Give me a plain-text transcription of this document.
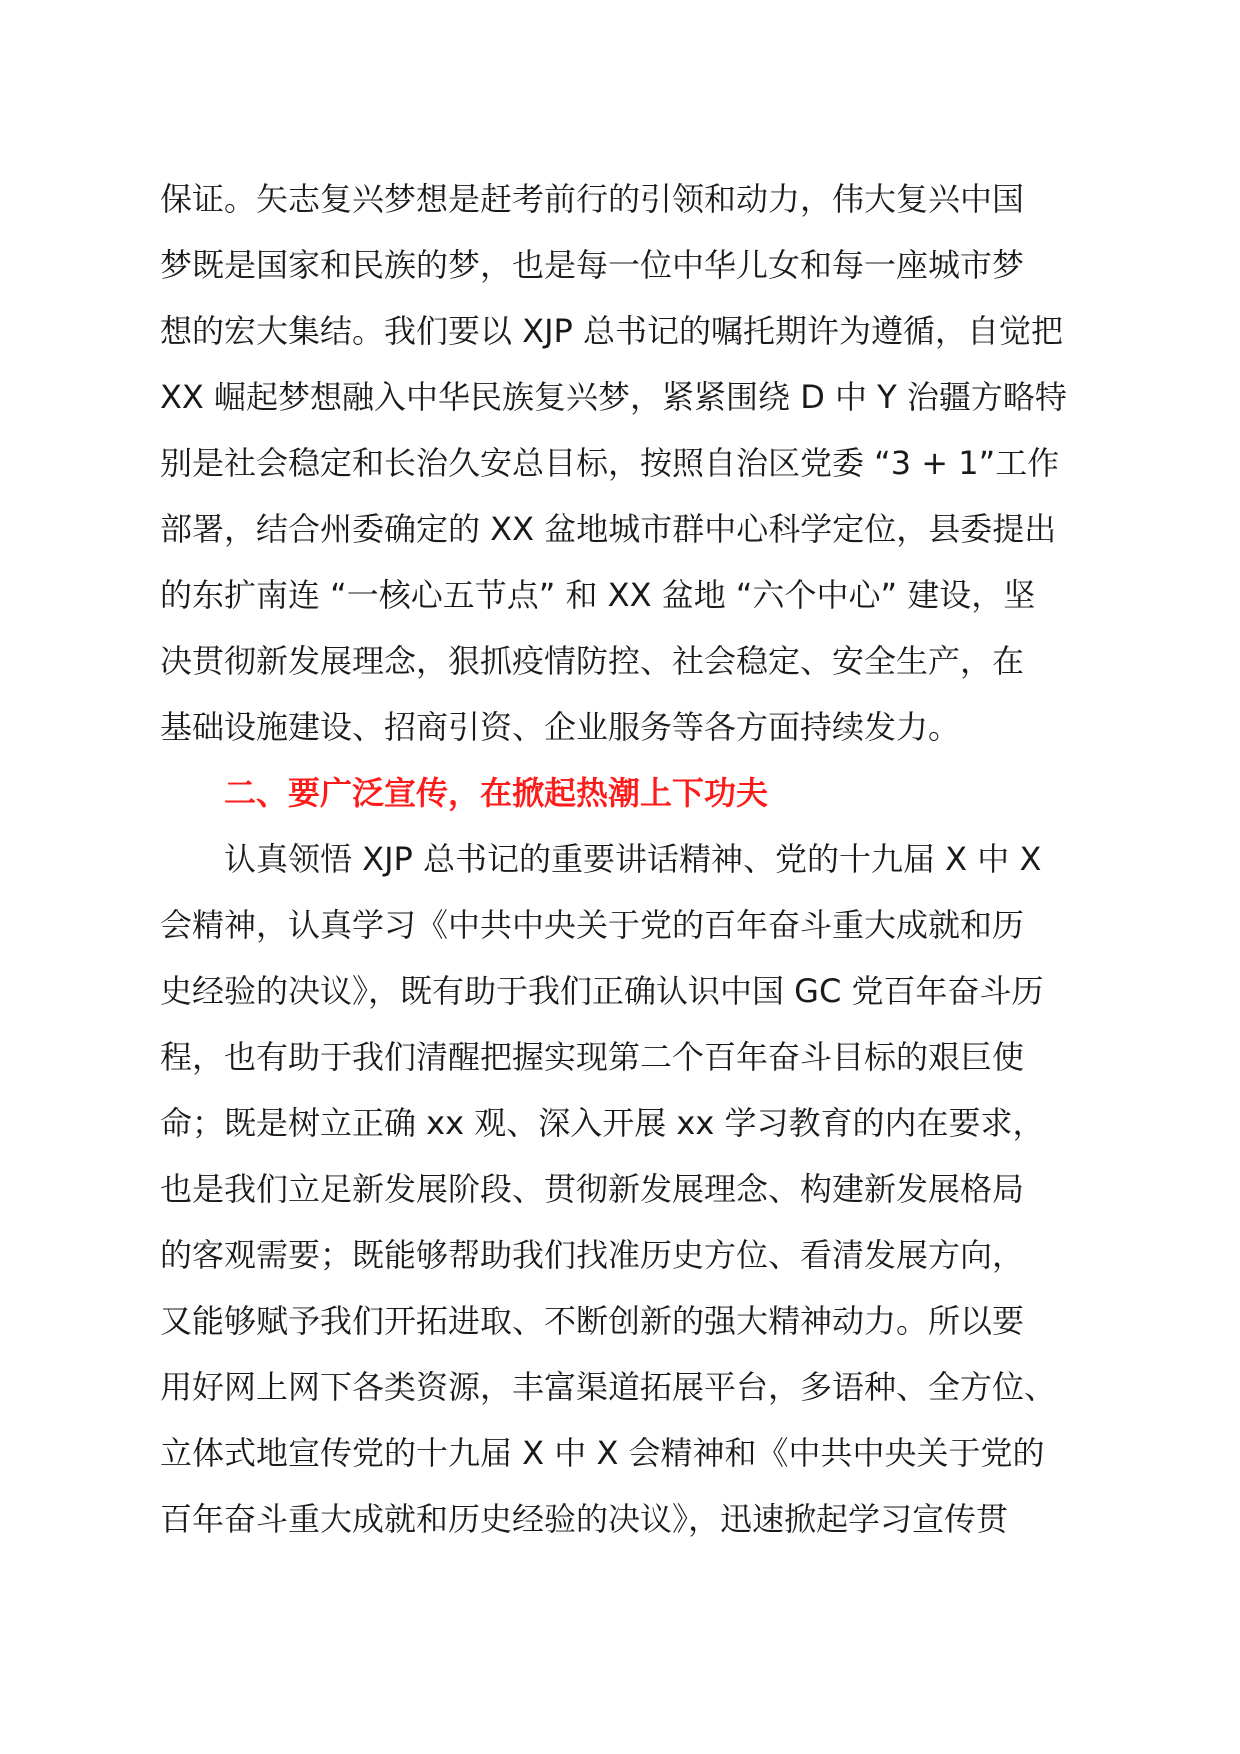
保证。矢志复兴梦想是赶考前行的引领和动力，伟大复兴中国
梦既是国家和民族的梦，也是每一位中华儿女和每一座城市梦
想的宏大集结。我们要以 XJP 总书记的嘱托期许为遵循，自觉把
XX 崛起梦想融入中华民族复兴梦，紧紧围绕 D 中 Y 治疆方略特
别是社会稳定和长治久安总目标，按照自治区党委 “3 + 1”工作
部署，结合州委确定的 XX 盆地城市群中心科学定位，县委提出
的东扩南连 “一核心五节点” 和 XX 盆地 “六个中心” 建设，坚
决贯彻新发展理念，狠抓疫情防控、社会稳定、安全生产，在
基础设施建设、招商引资、企业服务等各方面持续发力。
二、要广泛宣传，在掀起热潮上下功夫
认真领悟 XJP 总书记的重要讲话精神、党的十九届 X 中 X
会精神，认真学习《中共中央关于党的百年奋斗重大成就和历
史经验的决议》，既有助于我们正确认识中国 GC 党百年奋斗历
程，也有助于我们清醒把握实现第二个百年奋斗目标的艰巨使
命；既是树立正确 xx 观、深入开展 xx 学习教育的内在要求，
也是我们立足新发展阶段、贯彻新发展理念、构建新发展格局
的客观需要；既能够帮助我们找准历史方位、看清发展方向，
又能够赋予我们开拓进取、不断创新的强大精神动力。所以要
用好网上网下各类资源，丰富渠道拓展平台，多语种、全方位、
立体式地宣传党的十九届 X 中 X 会精神和《中共中央关于党的
百年奋斗重大成就和历史经验的决议》，迅速掀起学习宣传贯
